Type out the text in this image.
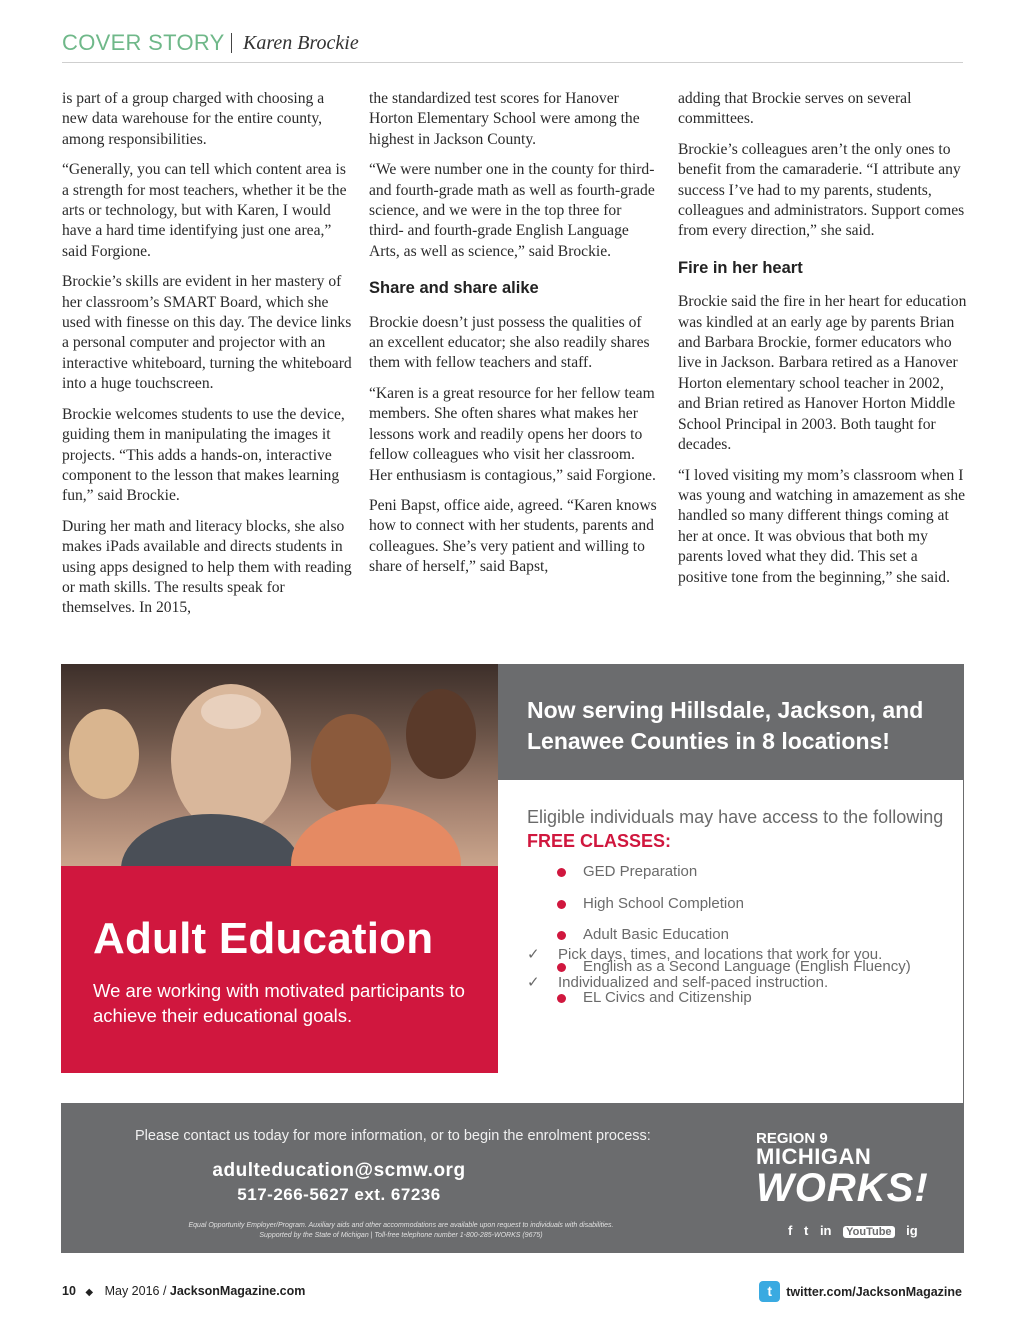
COVER STORY Karen Brockie

is part of a group charged with choosing a new data warehouse for the entire county, among responsibilities.

“Generally, you can tell which content area is a strength for most teachers, whether it be the arts or technology, but with Karen, I would have a hard time identifying just one area,” said Forgione.

Brockie’s skills are evident in her mastery of her classroom’s SMART Board, which she used with finesse on this day. The device links a personal computer and projector with an interactive whiteboard, turning the whiteboard into a huge touchscreen.

Brockie welcomes students to use the device, guiding them in manipulating the images it projects. “This adds a hands-on, interactive component to the lesson that makes learning fun,” said Brockie.

During her math and literacy blocks, she also makes iPads available and directs students in using apps designed to help them with reading or math skills. The results speak for themselves. In 2015,

the standardized test scores for Hanover Horton Elementary School were among the highest in Jackson County.

“We were number one in the county for third- and fourth-grade math as well as fourth-grade science, and we were in the top three for third- and fourth-grade English Language Arts, as well as science,” said Brockie.

Share and share alike

Brockie doesn’t just possess the qualities of an excellent educator; she also readily shares them with fellow teachers and staff.

“Karen is a great resource for her fellow team members. She often shares what makes her lessons work and readily opens her doors to fellow colleagues who visit her classroom. Her enthusiasm is contagious,” said Forgione.

Peni Bapst, office aide, agreed. “Karen knows how to connect with her students, parents and colleagues. She’s very patient and willing to share of herself,” said Bapst,

adding that Brockie serves on several committees.

Brockie’s colleagues aren’t the only ones to benefit from the camaraderie. “I attribute any success I’ve had to my parents, students, colleagues and administrators. Support comes from every direction,” she said.

Fire in her heart

Brockie said the fire in her heart for education was kindled at an early age by parents Brian and Barbara Brockie, former educators who live in Jackson. Barbara retired as a Hanover Horton elementary school teacher in 2002, and Brian retired as Hanover Horton Middle School Principal in 2003. Both taught for decades.

“I loved visiting my mom’s classroom when I was young and watching in amazement as she handled so many different things coming at her at once. It was obvious that both my parents loved what they did. This set a positive tone from the beginning,” she said.

Adult Education
We are working with motivated participants to achieve their educational goals.
Now serving Hillsdale, Jackson, and Lenawee Counties in 8 locations!
Eligible individuals may have access to the following FREE CLASSES:
GED Preparation
High School Completion
Adult Basic Education
English as a Second Language (English Fluency)
EL Civics and Citizenship
✓ Pick days, times, and locations that work for you.
✓ Individualized and self-paced instruction.
Please contact us today for more information, or to begin the enrolment process:
adulteducation@scmw.org
517-266-5627 ext. 67236
Equal Opportunity Employer/Program. Auxiliary aids and other accommodations are available upon request to individuals with disabilities.
Supported by the State of Michigan | Toll-free telephone number 1-800-285-WORKS (9675)
REGION 9
MICHIGAN
WORKS!
f t in YouTube ig
10 ◆ May 2016 / JacksonMagazine.com	t	twitter.com/JacksonMagazine
